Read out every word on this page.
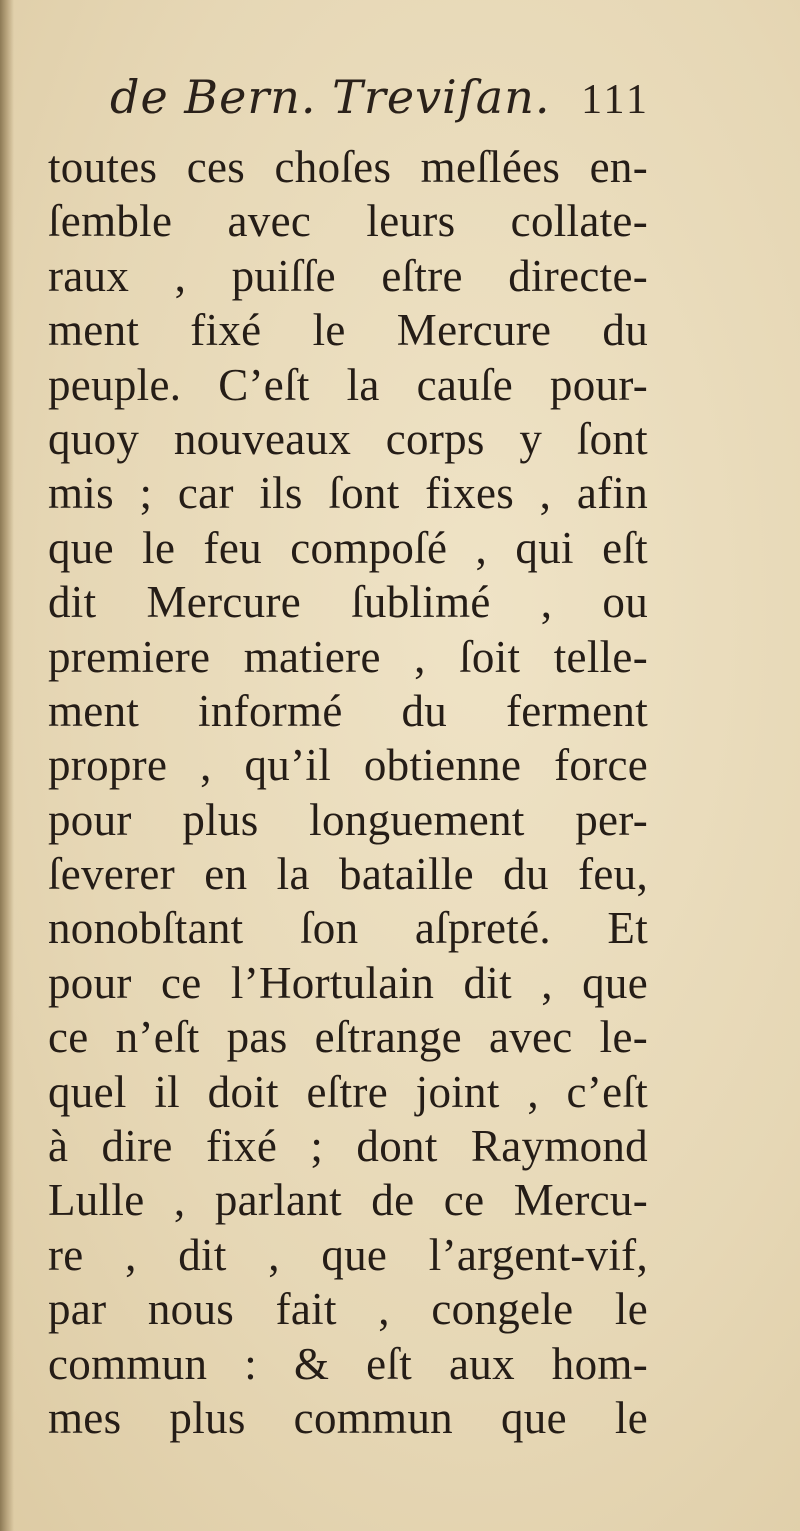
de Bern. Treviſan. 111
toutes ces choſes meſlées en-
ſemble avec leurs collate-
raux , puiſſe eſtre directe-
ment fixé le Mercure du
peuple. C’eſt la cauſe pour-
quoy nouveaux corps y ſont
mis ; car ils ſont fixes , afin
que le feu compoſé , qui eſt
dit Mercure ſublimé , ou
premiere matiere , ſoit telle-
ment informé du ferment
propre , qu’il obtienne force
pour plus longuement per-
ſeverer en la bataille du feu,
nonobſtant ſon aſpreté. Et
pour ce l’Hortulain dit , que
ce n’eſt pas eſtrange avec le-
quel il doit eſtre joint , c’eſt
à dire fixé ; dont Raymond
Lulle , parlant de ce Mercu-
re , dit , que l’argent-vif,
par nous fait , congele le
commun : & eſt aux hom-
mes plus commun que le
